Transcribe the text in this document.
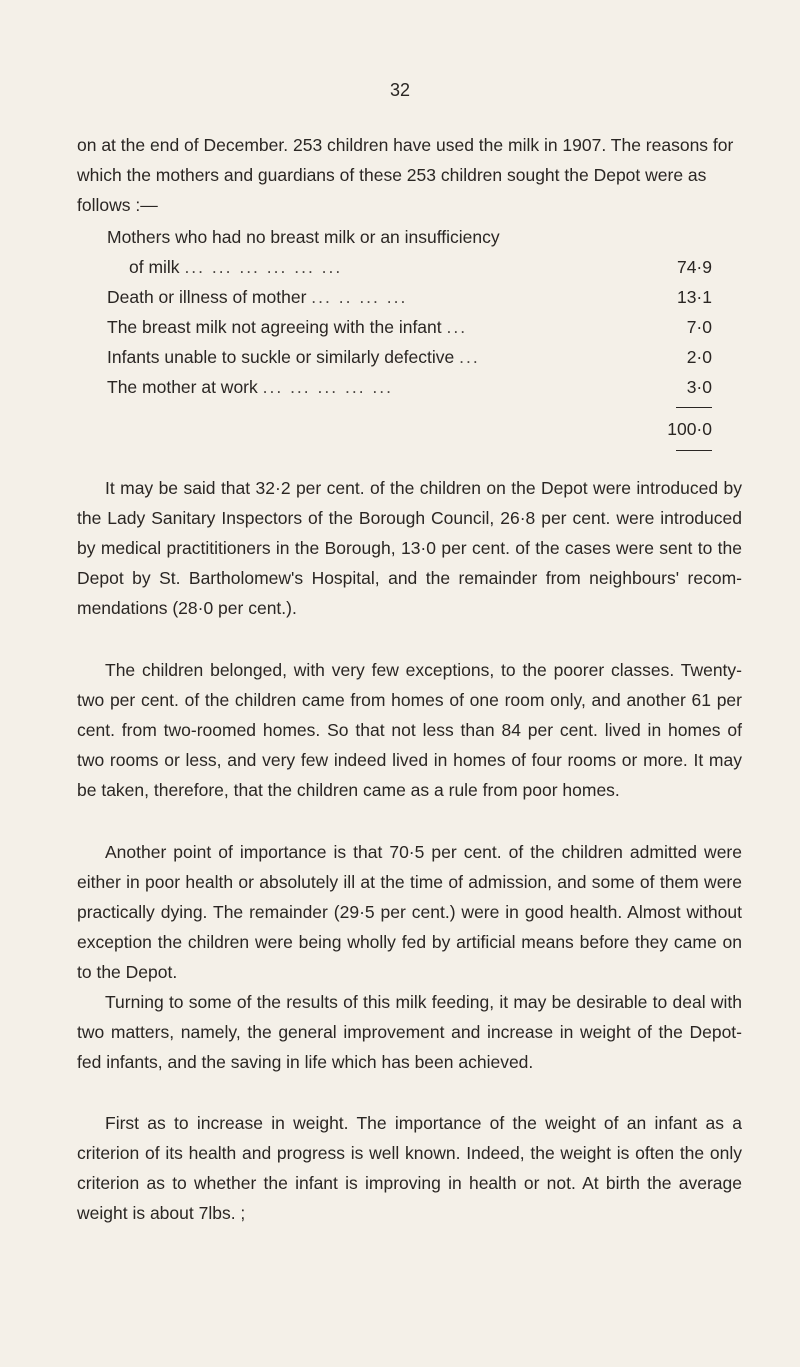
32

on at the end of December. 253 children have used the milk in 1907. The reasons for which the mothers and guardians of these 253 children sought the Depot were as follows :—

Mothers who had no breast milk or an insufficiency
of milk ... ... ... ... ... ...	74·9
Death or illness of mother ... .. ... ...	13·1
The breast milk not agreeing with the infant ...	7·0
Infants unable to suckle or similarly defective ...	2·0
The mother at work ... ... ... ... ...	3·0
100·0

It may be said that 32·2 per cent. of the children on the Depot were introduced by the Lady Sanitary Inspectors of the Borough Council, 26·8 per cent. were introduced by medical practititioners in the Borough, 13·0 per cent. of the cases were sent to the Depot by St. Bartholomew's Hospital, and the remainder from neighbours' recom-mendations (28·0 per cent.).

The children belonged, with very few exceptions, to the poorer classes. Twenty-two per cent. of the children came from homes of one room only, and another 61 per cent. from two-roomed homes. So that not less than 84 per cent. lived in homes of two rooms or less, and very few indeed lived in homes of four rooms or more. It may be taken, therefore, that the children came as a rule from poor homes.

Another point of importance is that 70·5 per cent. of the children admitted were either in poor health or absolutely ill at the time of admission, and some of them were practically dying. The remainder (29·5 per cent.) were in good health. Almost without exception the children were being wholly fed by artificial means before they came on to the Depot.

Turning to some of the results of this milk feeding, it may be desirable to deal with two matters, namely, the general improvement and increase in weight of the Depot-fed infants, and the saving in life which has been achieved.

First as to increase in weight. The importance of the weight of an infant as a criterion of its health and progress is well known. Indeed, the weight is often the only criterion as to whether the infant is improving in health or not. At birth the average weight is about 7lbs. ;
